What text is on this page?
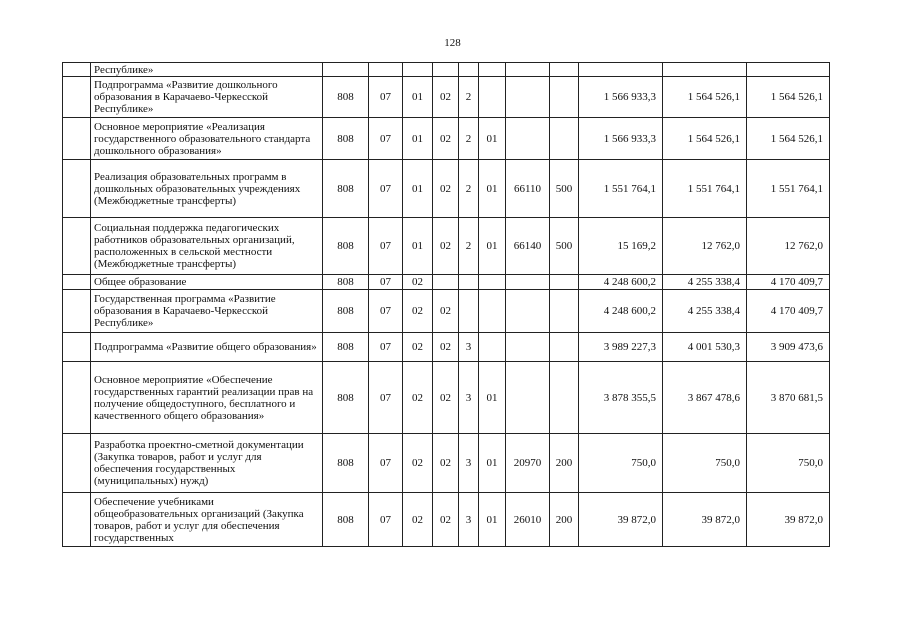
128
	Республике»											
	Подпрограмма «Развитие дошкольного образования в Карачаево-Черкесской Республике»	808	07	01	02	2				1 566 933,3	1 564 526,1	1 564 526,1
	Основное мероприятие «Реализация государственного образовательного стандарта дошкольного образования»	808	07	01	02	2	01			1 566 933,3	1 564 526,1	1 564 526,1
	Реализация образовательных программ в дошкольных образовательных учреждениях (Межбюджетные трансферты)	808	07	01	02	2	01	66110	500	1 551 764,1	1 551 764,1	1 551 764,1
	Социальная поддержка педагогических работников образовательных организаций, расположенных в сельской местности (Межбюджетные трансферты)	808	07	01	02	2	01	66140	500	15 169,2	12 762,0	12 762,0
	Общее образование	808	07	02						4 248 600,2	4 255 338,4	4 170 409,7
	Государственная программа «Развитие образования в Карачаево-Черкесской Республике»	808	07	02	02					4 248 600,2	4 255 338,4	4 170 409,7
	Подпрограмма «Развитие общего образования»	808	07	02	02	3				3 989 227,3	4 001 530,3	3 909 473,6
	Основное мероприятие «Обеспечение государственных гарантий реализации прав на получение общедоступного, бесплатного и качественного общего образования»	808	07	02	02	3	01			3 878 355,5	3 867 478,6	3 870 681,5
	Разработка проектно-сметной документации (Закупка товаров, работ и услуг для обеспечения государственных (муниципальных) нужд)	808	07	02	02	3	01	20970	200	750,0	750,0	750,0
	Обеспечение учебниками общеобразовательных организаций (Закупка товаров, работ и услуг для обеспечения государственных	808	07	02	02	3	01	26010	200	39 872,0	39 872,0	39 872,0
